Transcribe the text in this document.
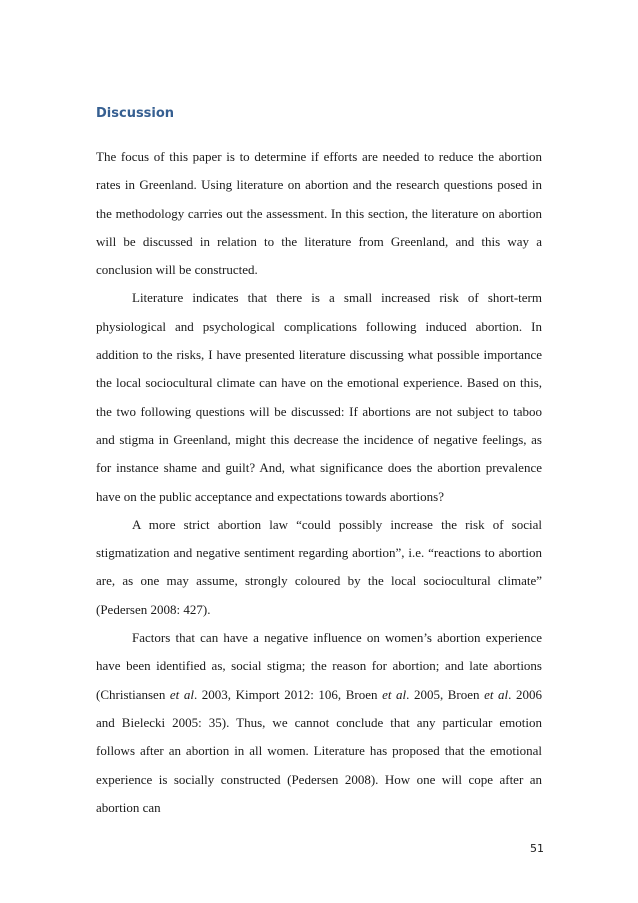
Discussion

The focus of this paper is to determine if efforts are needed to reduce the abortion rates in Greenland. Using literature on abortion and the research questions posed in the methodology carries out the assessment. In this section, the literature on abortion will be discussed in relation to the literature from Greenland, and this way a conclusion will be constructed.

Literature indicates that there is a small increased risk of short-term physiological and psychological complications following induced abortion. In addition to the risks, I have presented literature discussing what possible importance the local sociocultural climate can have on the emotional experience. Based on this, the two following questions will be discussed: If abortions are not subject to taboo and stigma in Greenland, might this decrease the incidence of negative feelings, as for instance shame and guilt? And, what significance does the abortion prevalence have on the public acceptance and expectations towards abortions?

A more strict abortion law “could possibly increase the risk of social stigmatization and negative sentiment regarding abortion”, i.e. “reactions to abortion are, as one may assume, strongly coloured by the local sociocultural climate” (Pedersen 2008: 427).

Factors that can have a negative influence on women’s abortion experience have been identified as, social stigma; the reason for abortion; and late abortions (Christiansen et al. 2003, Kimport 2012: 106, Broen et al. 2005, Broen et al. 2006 and Bielecki 2005: 35). Thus, we cannot conclude that any particular emotion follows after an abortion in all women. Literature has proposed that the emotional experience is socially constructed (Pedersen 2008). How one will cope after an abortion can

51
